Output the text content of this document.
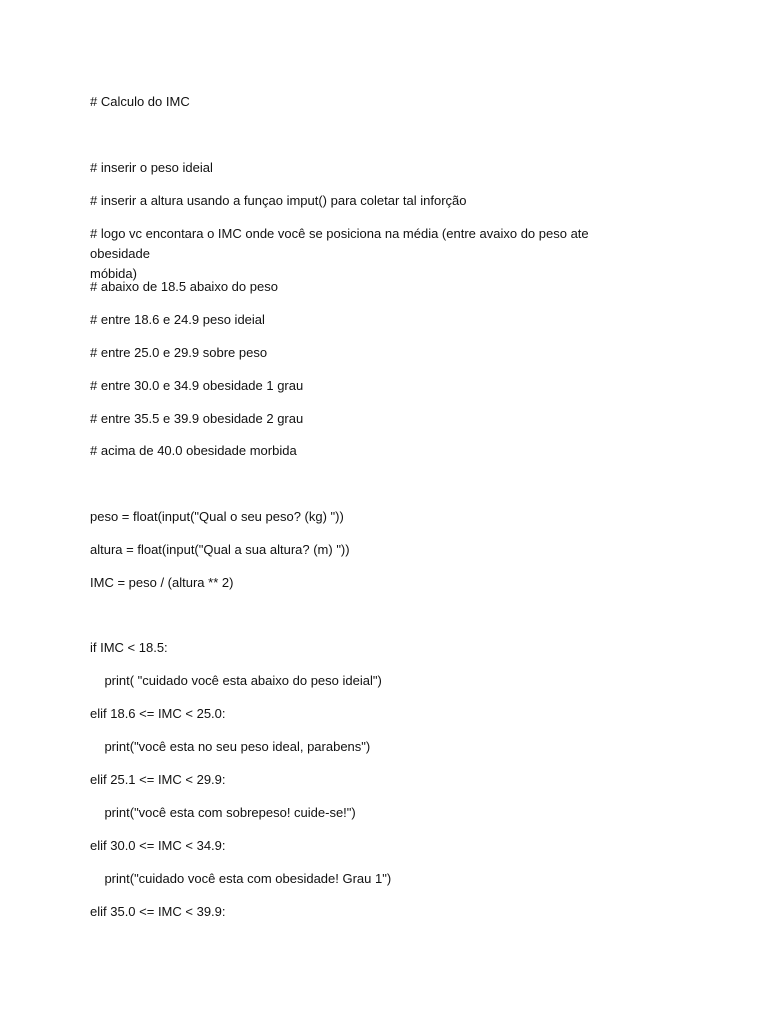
# Calculo do IMC

# inserir o peso ideial

# inserir a altura usando a funçao imput() para coletar tal inforção

# logo vc encontara o IMC onde você se posiciona na média (entre avaixo do peso ate obesidade
móbida)

# abaixo de 18.5 abaixo do peso

# entre 18.6 e 24.9 peso ideial

# entre 25.0 e 29.9 sobre peso

# entre 30.0 e 34.9 obesidade 1 grau

# entre 35.5 e 39.9 obesidade 2 grau

# acima de 40.0 obesidade morbida

peso = float(input("Qual o seu peso? (kg) "))

altura = float(input("Qual a sua altura? (m) "))

IMC = peso / (altura ** 2)

if IMC < 18.5:

print( "cuidado você esta abaixo do peso ideial")

elif 18.6 <= IMC < 25.0:

print("você esta no seu peso ideal, parabens")

elif 25.1 <= IMC < 29.9:

print("você esta com sobrepeso! cuide-se!")

elif 30.0 <= IMC < 34.9:

print("cuidado você esta com obesidade! Grau 1")

elif 35.0 <= IMC < 39.9:
